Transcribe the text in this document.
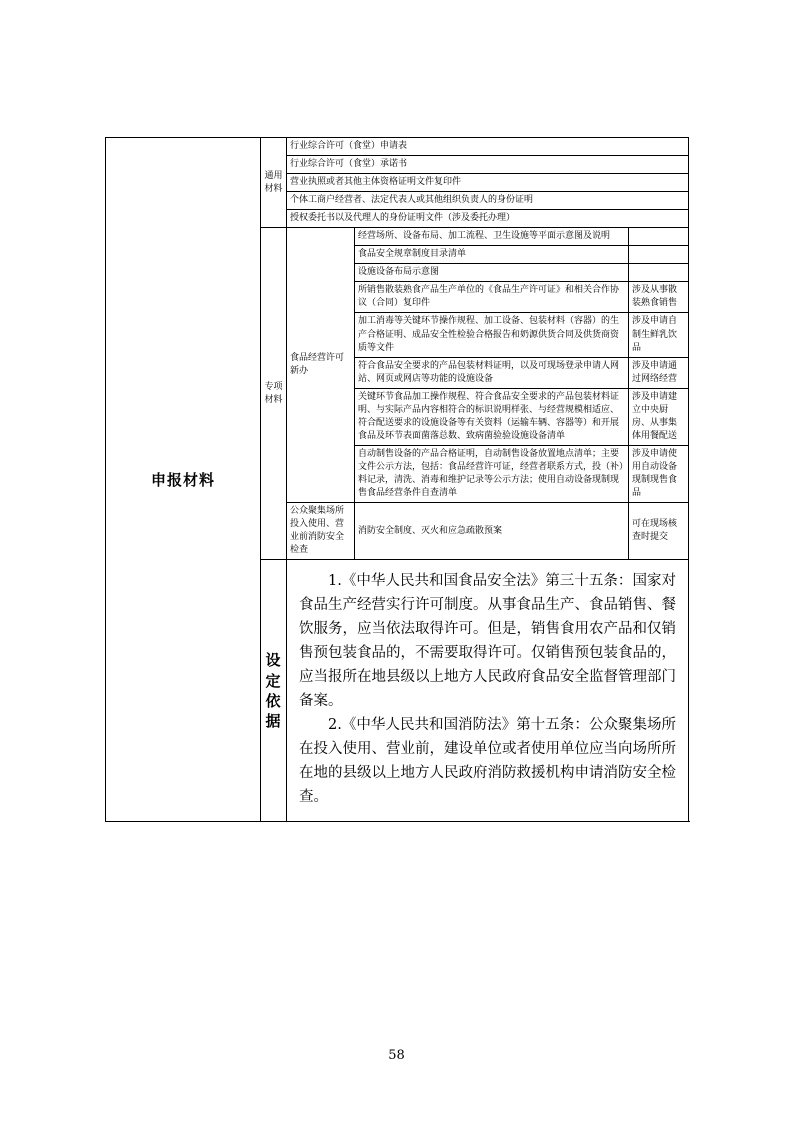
申报材料	通用材料	行业综合许可（食堂）申请表		
		行业综合许可（食堂）承诺书		
		营业执照或者其他主体资格证明文件复印件		
		个体工商户经营者、法定代表人或其他组织负责人的身份证明		
		授权委托书以及代理人的身份证明文件（涉及委托办理）		
	专项材料	食品经营许可新办	经营场所、设备布局、加工流程、卫生设施等平面示意图及说明	
			食品安全规章制度目录清单	
			设施设备布局示意图	
			所销售散装熟食产品生产单位的《食品生产许可证》和相关合作协议（合同）复印件	涉及从事散装熟食销售
			加工消毒等关键环节操作规程、加工设备、包装材料（容器）的生产合格证明、成品安全性检验合格报告和奶源供货合同及供货商资质等文件	涉及申请自制生鲜乳饮品
			符合食品安全要求的产品包装材料证明，以及可现场登录申请人网站、网页或网店等功能的设施设备	涉及申请通过网络经营
			关键环节食品加工操作规程、符合食品安全要求的产品包装材料证明、与实际产品内容相符合的标识说明样张、与经营规模相适应、符合配送要求的设施设备等有关资料（运输车辆、容器等）和开展食品及环节表面菌落总数、致病菌验验设施设备清单	涉及申请建立中央厨房、从事集体用餐配送
			自动制售设备的产品合格证明，自动制售设备放置地点清单；主要文件公示方法，包括：食品经营许可证，经营者联系方式，投（补）料记录，清洗、消毒和维护记录等公示方法；使用自动设备现制现售食品经营条件自查清单	涉及申请使用自动设备现制现售食品
		公众聚集场所投入使用、营业前消防安全检查	消防安全制度、灭火和应急疏散预案	可在现场核查时提交
	设定依据	1.《中华人民共和国食品安全法》第三十五条：国家对食品生产经营实行许可制度。从事食品生产、食品销售、餐饮服务，应当依法取得许可。但是，销售食用农产品和仅销售预包装食品的，不需要取得许可。仅销售预包装食品的，应当报所在地县级以上地方人民政府食品安全监督管理部门备案。

2.《中华人民共和国消防法》第十五条：公众聚集场所在投入使用、营业前，建设单位或者使用单位应当向场所所在地的县级以上地方人民政府消防救援机构申请消防安全检查。		

58
